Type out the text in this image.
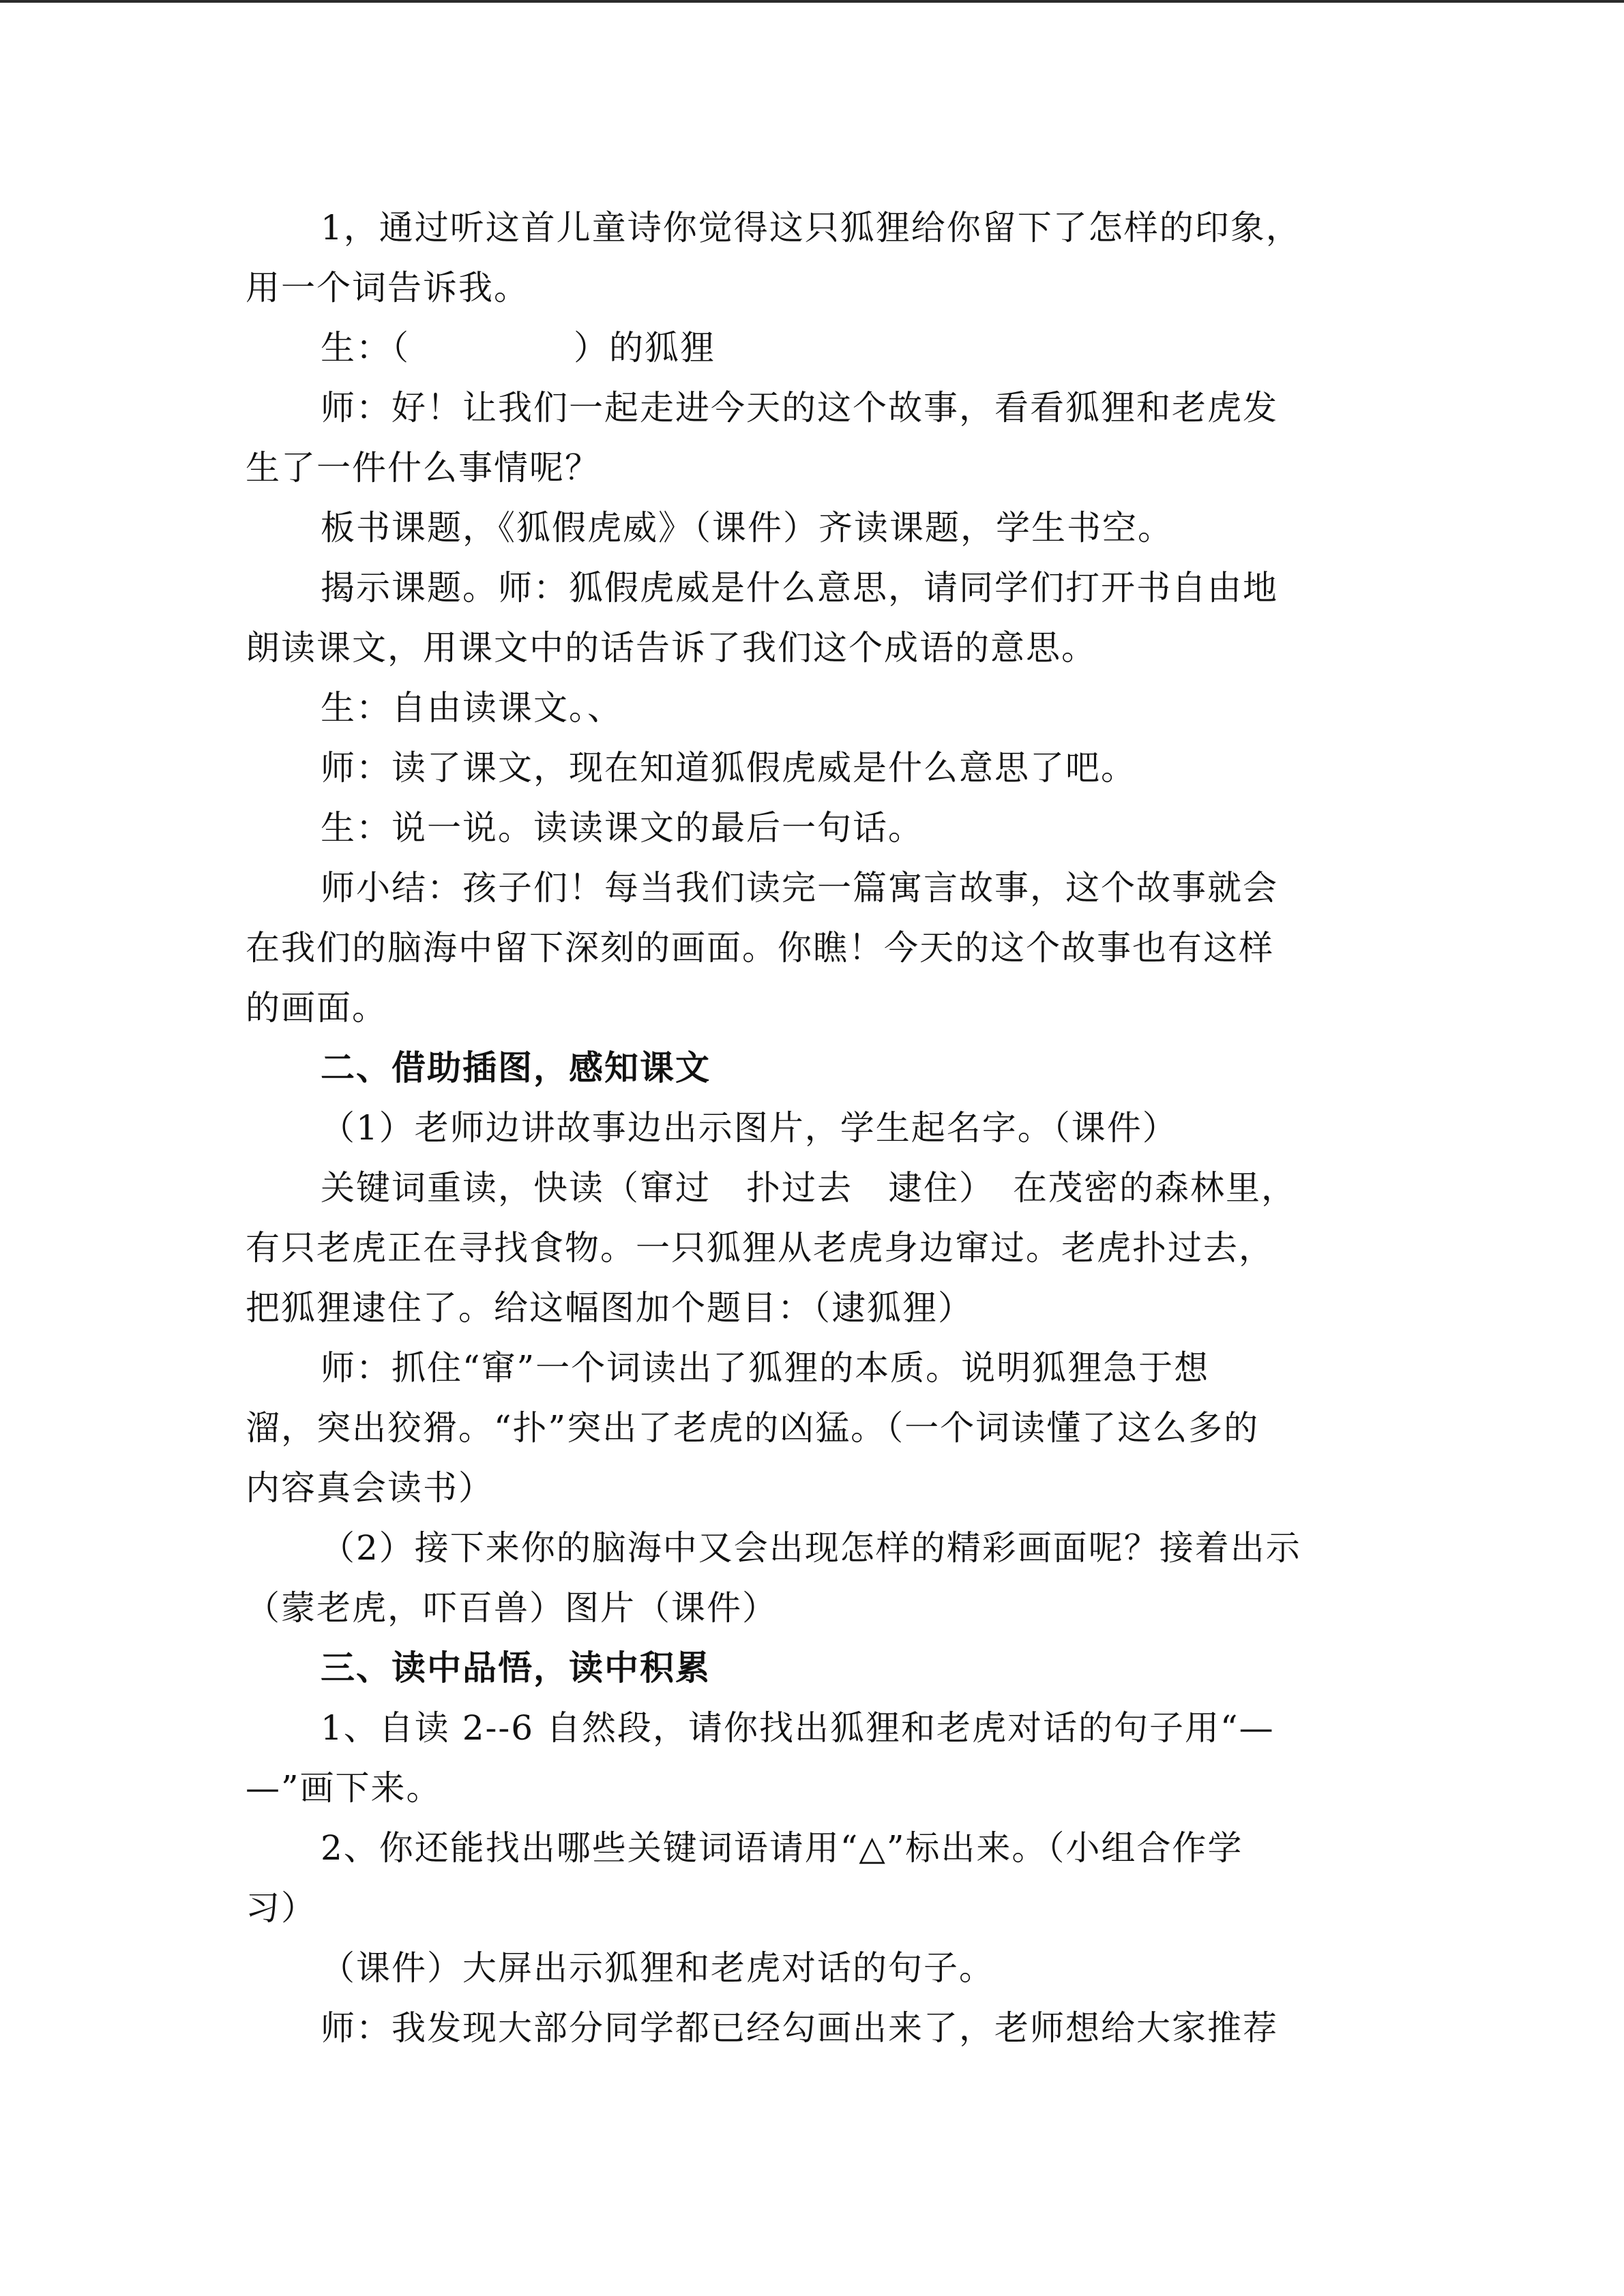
1，通过听这首儿童诗你觉得这只狐狸给你留下了怎样的印象，
用一个词告诉我。
生：（	）的狐狸
师：好！让我们一起走进今天的这个故事，看看狐狸和老虎发
生了一件什么事情呢？
板书课题，《狐假虎威》（课件）齐读课题，学生书空。
揭示课题。师：狐假虎威是什么意思，请同学们打开书自由地
朗读课文，用课文中的话告诉了我们这个成语的意思。
生：自由读课文。、
师：读了课文，现在知道狐假虎威是什么意思了吧。
生：说一说。读读课文的最后一句话。
师小结：孩子们！每当我们读完一篇寓言故事，这个故事就会
在我们的脑海中留下深刻的画面。你瞧！今天的这个故事也有这样
的画面。
二、借助插图，感知课文
（1）老师边讲故事边出示图片，学生起名字。（课件）
关键词重读，快读（窜过　扑过去　逮住）　在茂密的森林里，
有只老虎正在寻找食物。一只狐狸从老虎身边窜过。老虎扑过去，
把狐狸逮住了。给这幅图加个题目：（逮狐狸）
师：抓住“窜”一个词读出了狐狸的本质。说明狐狸急于想
溜，突出狡猾。“扑”突出了老虎的凶猛。（一个词读懂了这么多的
内容真会读书）
（2）接下来你的脑海中又会出现怎样的精彩画面呢？接着出示
（蒙老虎，吓百兽）图片（课件）
三、读中品悟，读中积累
1、自读 2--6 自然段，请你找出狐狸和老虎对话的句子用“—
—”画下来。
2、你还能找出哪些关键词语请用“△”标出来。（小组合作学
习）
（课件）大屏出示狐狸和老虎对话的句子。
师：我发现大部分同学都已经勾画出来了，老师想给大家推荐
